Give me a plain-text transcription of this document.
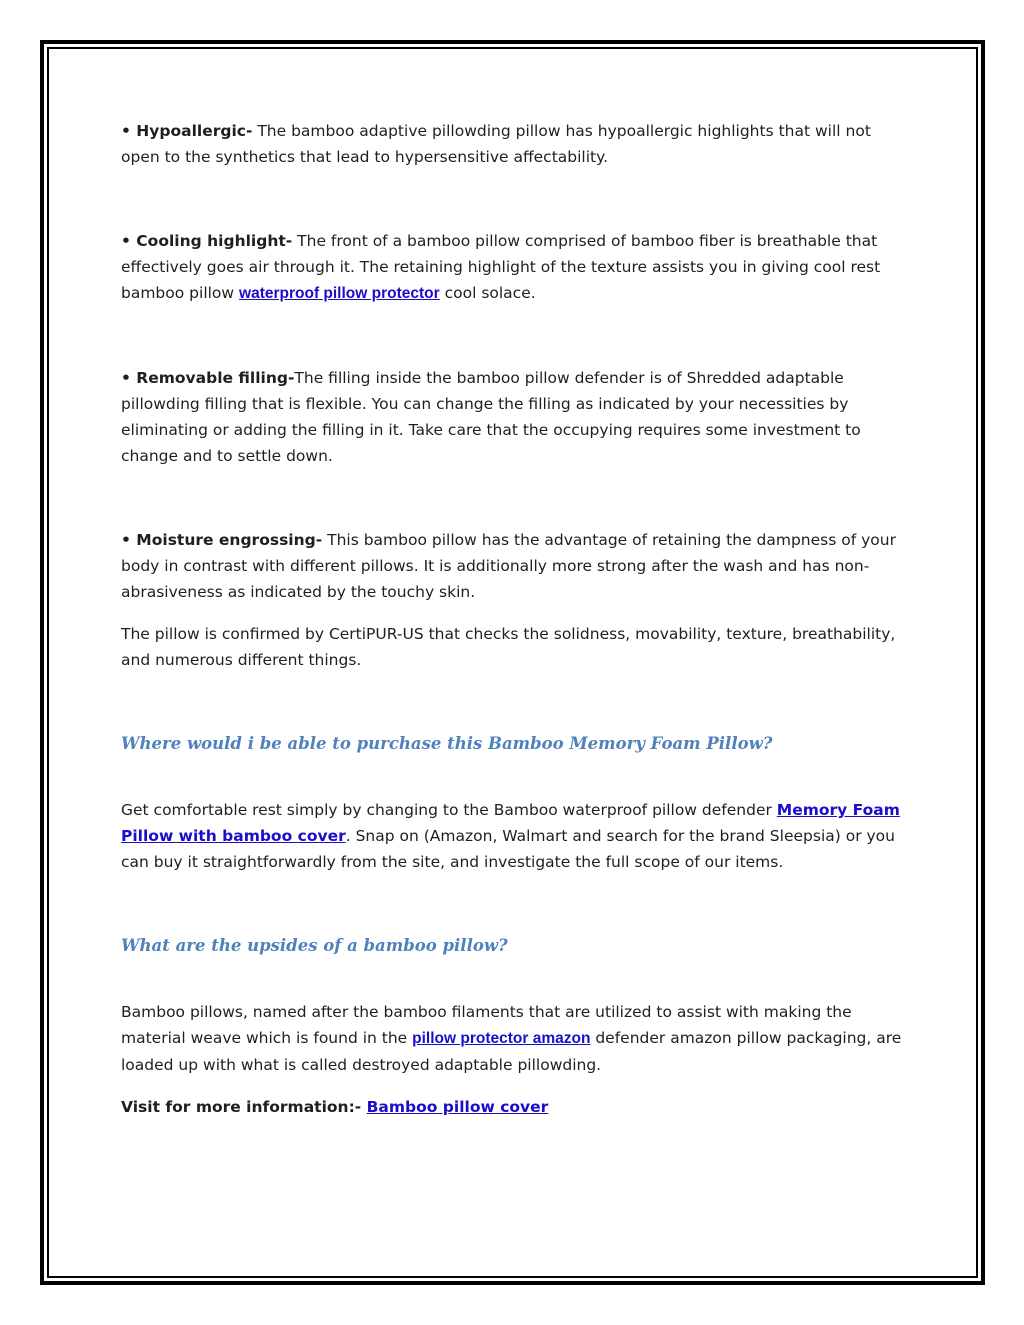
• Hypoallergic- The bamboo adaptive pillowding pillow has hypoallergic highlights that will not open to the synthetics that lead to hypersensitive affectability.

• Cooling highlight- The front of a bamboo pillow comprised of bamboo fiber is breathable that effectively goes air through it. The retaining highlight of the texture assists you in giving cool rest bamboo pillow waterproof pillow protector cool solace.

• Removable filling-The filling inside the bamboo pillow defender is of Shredded adaptable pillowding filling that is flexible. You can change the filling as indicated by your necessities by eliminating or adding the filling in it. Take care that the occupying requires some investment to change and to settle down.

• Moisture engrossing- This bamboo pillow has the advantage of retaining the dampness of your body in contrast with different pillows. It is additionally more strong after the wash and has non-abrasiveness as indicated by the touchy skin.

The pillow is confirmed by CertiPUR-US that checks the solidness, movability, texture, breathability, and numerous different things.

Where would i be able to purchase this Bamboo Memory Foam Pillow?

Get comfortable rest simply by changing to the Bamboo waterproof pillow defender Memory Foam Pillow with bamboo cover. Snap on (Amazon, Walmart and search for the brand Sleepsia) or you can buy it straightforwardly from the site, and investigate the full scope of our items.

What are the upsides of a bamboo pillow?

Bamboo pillows, named after the bamboo filaments that are utilized to assist with making the material weave which is found in the pillow protector amazon defender amazon pillow packaging, are loaded up with what is called destroyed adaptable pillowding.

Visit for more information:- Bamboo pillow cover
